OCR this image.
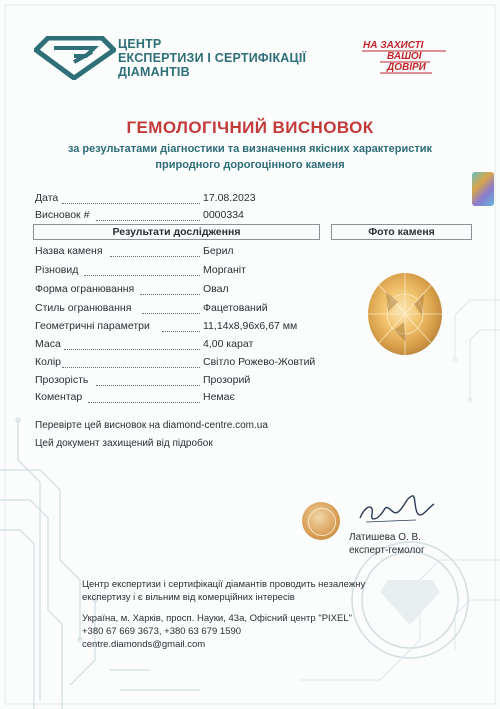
ЦЕНТР
ЕКСПЕРТИЗИ І СЕРТИФІКАЦІЇ
ДІАМАНТІВ
НА ЗАХИСТІ
ВАШОЇ
ДОВІРИ
ГЕМОЛОГІЧНИЙ ВИСНОВОК
за результатами діагностики та визначення якісних характеристик
природного дорогоцінного каменя
Дата	17.08.2023
Висновок #	0000334
Результати дослідження	Фото каменя
Назва каменя	Берил
Різновид	Морганіт
Форма огранювання	Овал
Стиль огранювання	Фацетований
Геометричні параметри	11,14х8,96х6,67 мм
Маса	4,00 карат
Колір	Світло Рожево-Жовтий
Прозорість	Прозорий
Коментар	Немає
Перевірте цей висновок на diamond-centre.com.ua
Цей документ захищений від підробок
Латишева О. В.
експерт-гемолог
Центр експертизи і сертифікації діамантів проводить незалежну
експертизу і є вільним від комерційних інтересів
Україна, м. Харків, просп. Науки, 43а, Офісний центр "PIXEL"
+380 67 669 3673, +380 63 679 1590
centre.diamonds@gmail.com
